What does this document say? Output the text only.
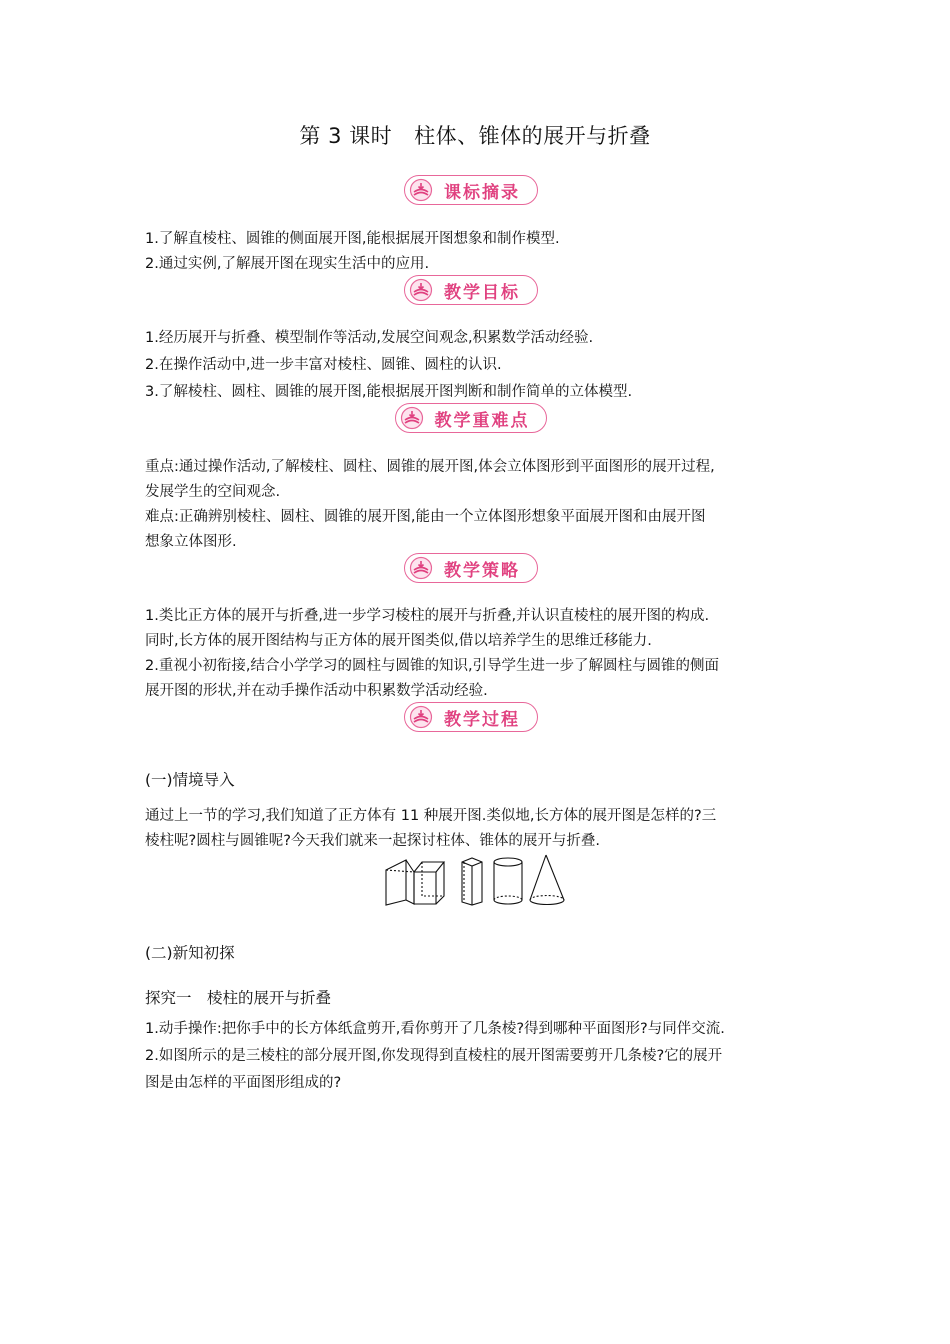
第 3 课时 柱体、锥体的展开与折叠
课标摘录
1.了解直棱柱、圆锥的侧面展开图,能根据展开图想象和制作模型.
2.通过实例,了解展开图在现实生活中的应用.
教学目标
1.经历展开与折叠、模型制作等活动,发展空间观念,积累数学活动经验.
2.在操作活动中,进一步丰富对棱柱、圆锥、圆柱的认识.
3.了解棱柱、圆柱、圆锥的展开图,能根据展开图判断和制作简单的立体模型.
教学重难点
重点:通过操作活动,了解棱柱、圆柱、圆锥的展开图,体会立体图形到平面图形的展开过程,
发展学生的空间观念.
难点:正确辨别棱柱、圆柱、圆锥的展开图,能由一个立体图形想象平面展开图和由展开图
想象立体图形.
教学策略
1.类比正方体的展开与折叠,进一步学习棱柱的展开与折叠,并认识直棱柱的展开图的构成.
同时,长方体的展开图结构与正方体的展开图类似,借以培养学生的思维迁移能力.
2.重视小初衔接,结合小学学习的圆柱与圆锥的知识,引导学生进一步了解圆柱与圆锥的侧面
展开图的形状,并在动手操作活动中积累数学活动经验.
教学过程
(一)情境导入
通过上一节的学习,我们知道了正方体有 11 种展开图.类似地,长方体的展开图是怎样的?三
棱柱呢?圆柱与圆锥呢?今天我们就来一起探讨柱体、锥体的展开与折叠.
(二)新知初探
探究一　棱柱的展开与折叠
1.动手操作:把你手中的长方体纸盒剪开,看你剪开了几条棱?得到哪种平面图形?与同伴交流.
2.如图所示的是三棱柱的部分展开图,你发现得到直棱柱的展开图需要剪开几条棱?它的展开
图是由怎样的平面图形组成的?
